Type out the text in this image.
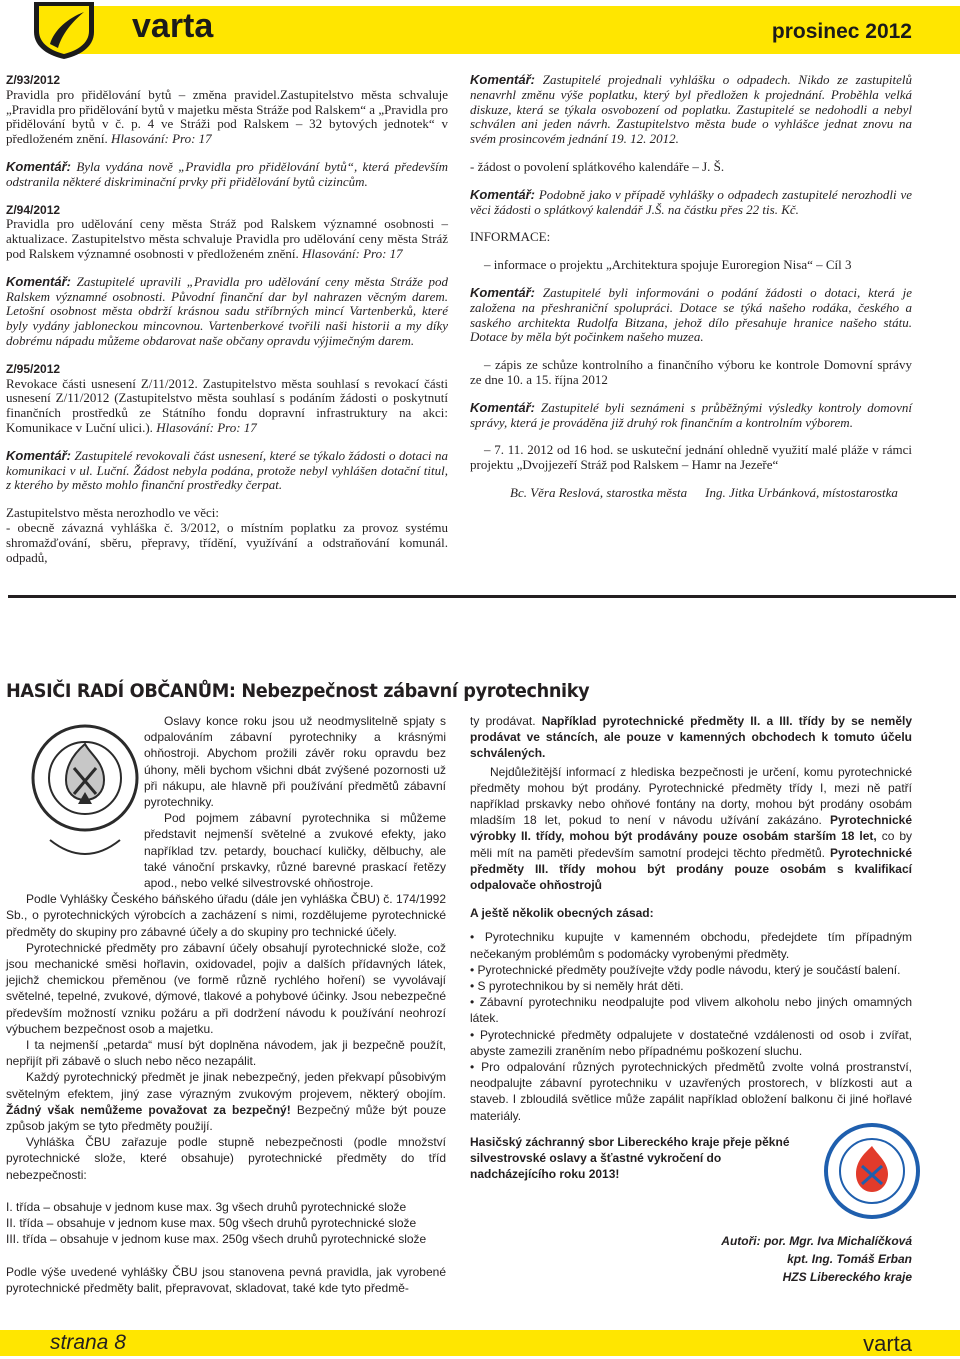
varta	prosinec 2012

Z/93/2012
Pravidla pro přidělování bytů – změna pravidel.Zastupitelstvo města schvaluje „Pravidla pro přidělování bytů v majetku města Stráže pod Ralskem“ a „Pravidla pro přidělování bytů v č. p. 4 ve Stráži pod Ralskem – 32 bytových jednotek“ v předloženém znění. Hlasování: Pro: 17

Komentář: Byla vydána nově „Pravidla pro přidělování bytů“, která především odstranila některé diskriminační prvky při přidělování bytů cizincům.

Z/94/2012
Pravidla pro udělování ceny města Stráž pod Ralskem významné osobnosti – aktualizace. Zastupitelstvo města schvaluje Pravidla pro udělování ceny města Stráž pod Ralskem významné osobnosti v předloženém znění. Hlasování: Pro: 17

Komentář: Zastupitelé upravili „Pravidla pro udělování ceny města Stráže pod Ralskem významné osobnosti. Původní finanční dar byl nahrazen věcným darem. Letošní osobnost města obdrží krásnou sadu stříbrných mincí Vartenberků, které byly vydány jabloneckou mincovnou. Vartenberkové tvořili naši historii a my díky dobrému nápadu můžeme obdarovat naše občany opravdu výjimečným darem.

Z/95/2012
Revokace části usnesení Z/11/2012. Zastupitelstvo města souhlasí s revokací části usnesení Z/11/2012 (Zastupitelstvo města souhlasí s podáním žádosti o poskytnutí finančních prostředků ze Státního fondu dopravní infrastruktury na akci: Komunikace v Luční ulici.). Hlasování: Pro: 17

Komentář: Zastupitelé revokovali část usnesení, které se týkalo žádosti o dotaci na komunikaci v ul. Luční. Žádost nebyla podána, protože nebyl vyhlášen dotační titul, z kterého by město mohlo finanční prostředky čerpat.

Zastupitelstvo města nerozhodlo ve věci:
- obecně závazná vyhláška č. 3/2012, o místním poplatku za provoz systému shromažďování, sběru, přepravy, třídění, využívání a odstraňování komunál. odpadů,

Komentář: Zastupitelé projednali vyhlášku o odpadech. Nikdo ze zastupitelů nenavrhl změnu výše poplatku, který byl předložen k projednání. Proběhla velká diskuze, která se týkala osvobození od poplatku. Zastupitelé se nedohodli a nebyl schválen ani jeden návrh. Zastupitelstvo města bude o vyhlášce jednat znovu na svém prosincovém jednání 19. 12. 2012.

- žádost o povolení splátkového kalendáře – J. Š.

Komentář: Podobně jako v případě vyhlášky o odpadech zastupitelé nerozhodli ve věci žádosti o splátkový kalendář J.Š. na částku přes 22 tis. Kč.

INFORMACE:

– informace o projektu „Architektura spojuje Euroregion Nisa“ – Cíl 3

Komentář: Zastupitelé byli informováni o podání žádosti o dotaci, která je založena na přeshraniční spolupráci. Dotace se týká našeho rodáka, českého a saského architekta Rudolfa Bitzana, jehož dílo přesahuje hranice našeho státu. Dotace by měla být počinkem našeho muzea.

– zápis ze schůze kontrolního a finančního výboru ke kontrole Domovní správy ze dne 10. a 15. října 2012

Komentář: Zastupitelé byli seznámeni s průběžnými výsledky kontroly domovní správy, která je prováděna již druhý rok finančním a kontrolním výborem.

– 7. 11. 2012 od 16 hod. se uskuteční jednání ohledně využití malé pláže v rámci projektu „Dvojjezeří Stráž pod Ralskem – Hamr na Jezeře“

Bc. Věra Reslová, starostka města Ing. Jitka Urbánková, místostarostka

HASIČI RADÍ OBČANŮM: Nebezpečnost zábavní pyrotechniky

Oslavy konce roku jsou už neodmyslitelně spjaty s odpalováním zábavní pyrotechniky a krásnými ohňostroji. Abychom prožili závěr roku opravdu bez úhony, měli bychom všichni dbát zvýšené pozornosti už při nákupu, ale hlavně při používání předmětů zábavní pyrotechniky.

Pod pojmem zábavní pyrotechnika si můžeme představit nejmenší světelné a zvukové efekty, jako například tzv. petardy, bouchací kuličky, dělbuchy, ale také vánoční prskavky, různé barevné praskací řetězy apod., nebo velké silvestrovské ohňostroje.

Podle Vyhlášky Českého báňského úřadu (dále jen vyhláška ČBU) č. 174/1992 Sb., o pyrotechnických výrobcích a zacházení s nimi, rozdělujeme pyrotechnické předměty do skupiny pro zábavné účely a do skupiny pro technické účely.

Pyrotechnické předměty pro zábavní účely obsahují pyrotechnické slože, což jsou mechanické směsi hořlavin, oxidovadel, pojiv a dalších přídavných látek, jejichž chemickou přeměnou (ve formě různě rychlého hoření) se vyvolávají světelné, tepelné, zvukové, dýmové, tlakové a pohybové účinky. Jsou nebezpečné především možností vzniku požáru a při dodržení návodu k používání neohrozí výbuchem bezpečnost osob a majetku.

I ta nejmenší „petarda“ musí být doplněna návodem, jak ji bezpečně použít, nepřijít při zábavě o sluch nebo něco nezapálit.

Každý pyrotechnický předmět je jinak nebezpečný, jeden překvapí působivým světelným efektem, jiný zase výrazným zvukovým projevem, některý obojím. Žádný však nemůžeme považovat za bezpečný! Bezpečný může být pouze způsob jakým se tyto předměty použijí.

Vyhláška ČBU zařazuje podle stupně nebezpečnosti (podle množství pyrotechnické slože, které obsahuje) pyrotechnické předměty do tříd nebezpečnosti:

I. třída – obsahuje v jednom kuse max. 3g všech druhů pyrotechnické slože

II. třída – obsahuje v jednom kuse max. 50g všech druhů pyrotechnické slože

III. třída – obsahuje v jednom kuse max. 250g všech druhů pyrotechnické slože

Podle výše uvedené vyhlášky ČBU jsou stanovena pevná pravidla, jak vyrobené pyrotechnické předměty balit, přepravovat, skladovat, také kde tyto předmě-

ty prodávat. Například pyrotechnické předměty II. a III. třídy by se neměly prodávat ve stáncích, ale pouze v kamenných obchodech k tomuto účelu schválených.

Nejdůležitější informací z hlediska bezpečnosti je určení, komu pyrotechnické předměty mohou být prodány. Pyrotechnické předměty třídy I, mezi ně patří například prskavky nebo ohňové fontány na dorty, mohou být prodány osobám mladším 18 let, pokud to není v návodu užívání zakázáno. Pyrotechnické výrobky II. třídy, mohou být prodávány pouze osobám starším 18 let, co by měli mít na paměti především samotní prodejci těchto předmětů. Pyrotechnické předměty III. třídy mohou být prodány pouze osobám s kvalifikací odpalovače ohňostrojů

A ještě několik obecných zásad:

• Pyrotechniku kupujte v kamenném obchodu, předejdete tím případným nečekaným problémům s podomácky vyrobenými předměty.
• Pyrotechnické předměty používejte vždy podle návodu, který je součástí balení.
• S pyrotechnikou by si neměly hrát děti.
• Zábavní pyrotechniku neodpalujte pod vlivem alkoholu nebo jiných omamných látek.
• Pyrotechnické předměty odpalujete v dostatečné vzdálenosti od osob i zvířat, abyste zamezili zraněním nebo případnému poškození sluchu.
• Pro odpalování různých pyrotechnických předmětů zvolte volná prostranství, neodpalujte zábavní pyrotechniku v uzavřených prostorech, v blízkosti aut a staveb. I zbloudilá světlice může zapálit například obložení balkonu či jiné hořlavé materiály.

Hasičský záchranný sbor Libereckého kraje přeje pěkné silvestrovské oslavy a šťastné vykročení do nadcházejícího roku 2013!

Autoři: por. Mgr. Iva Michalíčková
kpt. Ing. Tomáš Erban
HZS Libereckého kraje
strana 8	varta
